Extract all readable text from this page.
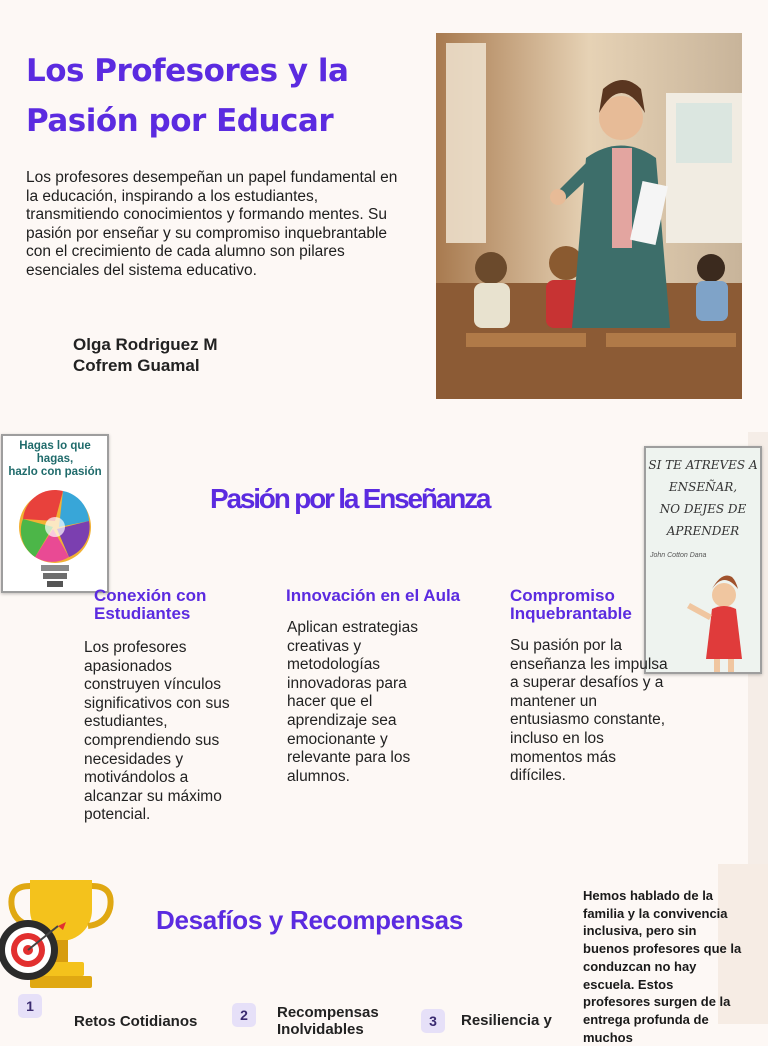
Los Profesores y la
Pasión por Educar
Los profesores desempeñan un papel fundamental en la educación, inspirando a los estudiantes, transmitiendo conocimientos y formando mentes. Su pasión por enseñar y su compromiso inquebrantable con el crecimiento de cada alumno son pilares esenciales del sistema educativo.
Olga Rodriguez M
Cofrem Guamal
Hagas lo que hagas,
hazlo con pasión
Pasión por la Enseñanza
SI TE ATREVES A ENSEÑAR,
NO DEJES DE APRENDER
John Cotton Dana
Conexión con Estudiantes
Los profesores apasionados construyen vínculos significativos con sus estudiantes, comprendiendo sus necesidades y motivándolos a alcanzar su máximo potencial.
Innovación en el Aula
Aplican estrategias creativas y metodologías innovadoras para hacer que el aprendizaje sea emocionante y relevante para los alumnos.
Compromiso Inquebrantable
Su pasión por la enseñanza les impulsa a superar desafíos y a mantener un entusiasmo constante, incluso en los momentos más difíciles.
Desafíos y Recompensas
Hemos hablado de la familia y la convivencia inclusiva, pero sin buenos profesores que la conduzcan no hay escuela. Estos profesores surgen de la entrega profunda de muchos
1
Retos Cotidianos	2	Recompensas Inolvidables	3	Resiliencia y
